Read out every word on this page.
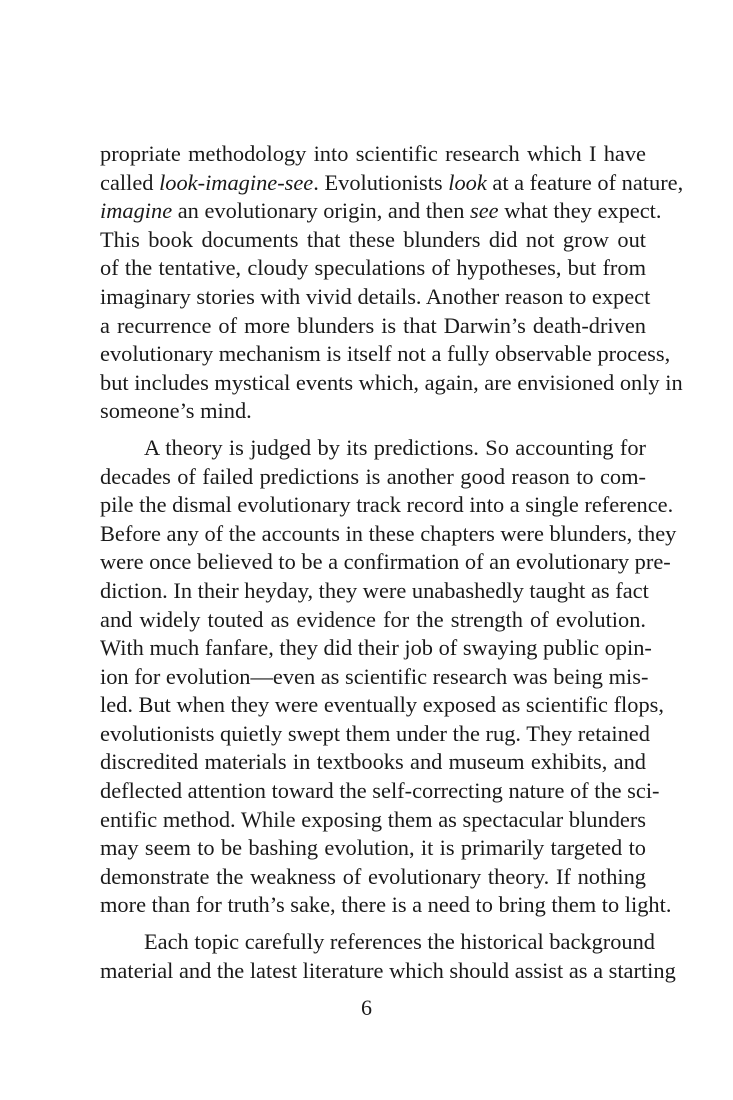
propriate methodology into scientific research which I have
called look-imagine-see. Evolutionists look at a feature of nature,
imagine an evolutionary origin, and then see what they expect.
This book documents that these blunders did not grow out
of the tentative, cloudy speculations of hypotheses, but from
imaginary stories with vivid details. Another reason to expect
a recurrence of more blunders is that Darwin’s death-driven
evolutionary mechanism is itself not a fully observable process,
but includes mystical events which, again, are envisioned only in
someone’s mind.
A theory is judged by its predictions. So accounting for
decades of failed predictions is another good reason to com-
pile the dismal evolutionary track record into a single reference.
Before any of the accounts in these chapters were blunders, they
were once believed to be a confirmation of an evolutionary pre-
diction. In their heyday, they were unabashedly taught as fact
and widely touted as evidence for the strength of evolution.
With much fanfare, they did their job of swaying public opin-
ion for evolution—even as scientific research was being mis-
led. But when they were eventually exposed as scientific flops,
evolutionists quietly swept them under the rug. They retained
discredited materials in textbooks and museum exhibits, and
deflected attention toward the self-correcting nature of the sci-
entific method. While exposing them as spectacular blunders
may seem to be bashing evolution, it is primarily targeted to
demonstrate the weakness of evolutionary theory. If nothing
more than for truth’s sake, there is a need to bring them to light.
Each topic carefully references the historical background
material and the latest literature which should assist as a starting
6
